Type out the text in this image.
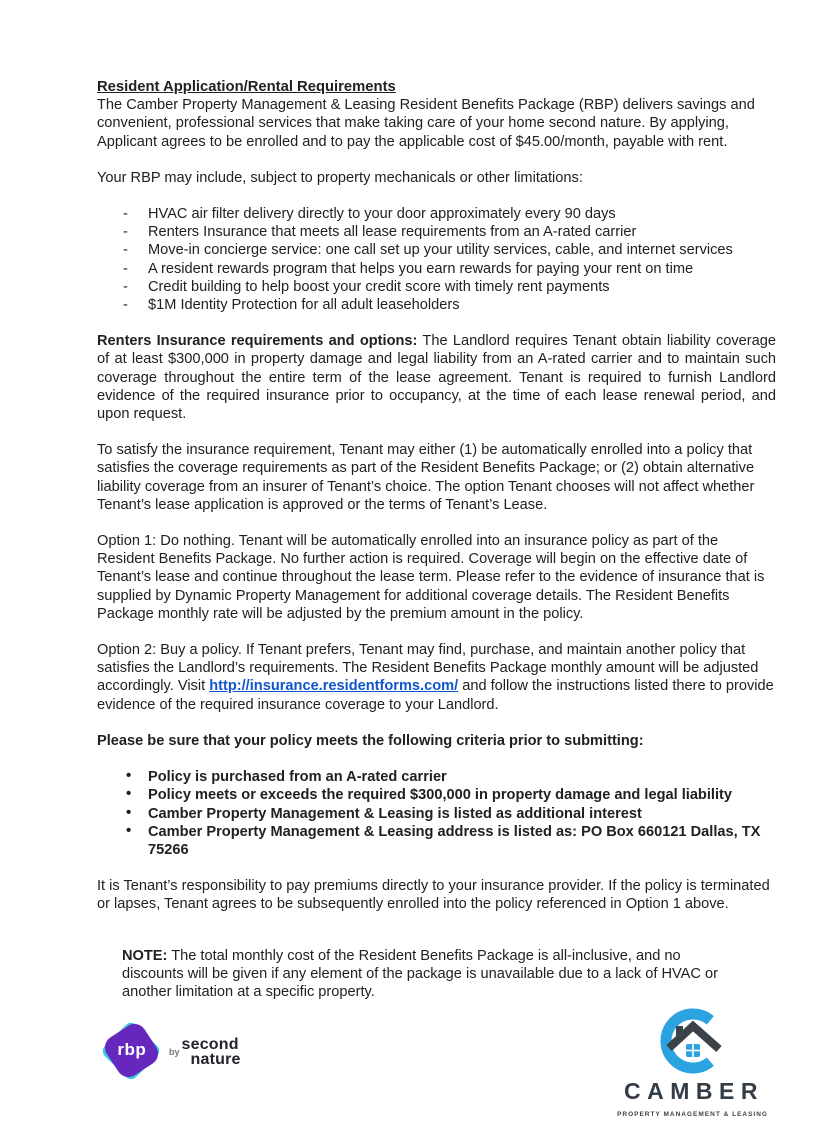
Resident Application/Rental Requirements

The Camber Property Management & Leasing Resident Benefits Package (RBP) delivers savings and convenient, professional services that make taking care of your home second nature. By applying, Applicant agrees to be enrolled and to pay the applicable cost of $45.00/month, payable with rent.

Your RBP may include, subject to property mechanicals or other limitations:

- HVAC air filter delivery directly to your door approximately every 90 days
- Renters Insurance that meets all lease requirements from an A-rated carrier
- Move-in concierge service: one call set up your utility services, cable, and internet services
- A resident rewards program that helps you earn rewards for paying your rent on time
- Credit building to help boost your credit score with timely rent payments
- $1M Identity Protection for all adult leaseholders

Renters Insurance requirements and options: The Landlord requires Tenant obtain liability coverage of at least $300,000 in property damage and legal liability from an A-rated carrier and to maintain such coverage throughout the entire term of the lease agreement. Tenant is required to furnish Landlord evidence of the required insurance prior to occupancy, at the time of each lease renewal period, and upon request.

To satisfy the insurance requirement, Tenant may either (1) be automatically enrolled into a policy that satisfies the coverage requirements as part of the Resident Benefits Package; or (2) obtain alternative liability coverage from an insurer of Tenant’s choice. The option Tenant chooses will not affect whether Tenant’s lease application is approved or the terms of Tenant’s Lease.

Option 1: Do nothing. Tenant will be automatically enrolled into an insurance policy as part of the Resident Benefits Package. No further action is required. Coverage will begin on the effective date of Tenant’s lease and continue throughout the lease term. Please refer to the evidence of insurance that is supplied by Dynamic Property Management for additional coverage details. The Resident Benefits Package monthly rate will be adjusted by the premium amount in the policy.

Option 2: Buy a policy. If Tenant prefers, Tenant may find, purchase, and maintain another policy that satisfies the Landlord’s requirements. The Resident Benefits Package monthly amount will be adjusted accordingly. Visit http://insurance.residentforms.com/ and follow the instructions listed there to provide evidence of the required insurance coverage to your Landlord.

Please be sure that your policy meets the following criteria prior to submitting:

• Policy is purchased from an A-rated carrier
• Policy meets or exceeds the required $300,000 in property damage and legal liability
• Camber Property Management & Leasing is listed as additional interest
• Camber Property Management & Leasing address is listed as: PO Box 660121 Dallas, TX 75266

It is Tenant’s responsibility to pay premiums directly to your insurance provider. If the policy is terminated or lapses, Tenant agrees to be subsequently enrolled into the policy referenced in Option 1 above.

NOTE: The total monthly cost of the Resident Benefits Package is all-inclusive, and no discounts will be given if any element of the package is unavailable due to a lack of HVAC or another limitation at a specific property.

rbp	by second
nature
CAMBER
PROPERTY MANAGEMENT & LEASING
